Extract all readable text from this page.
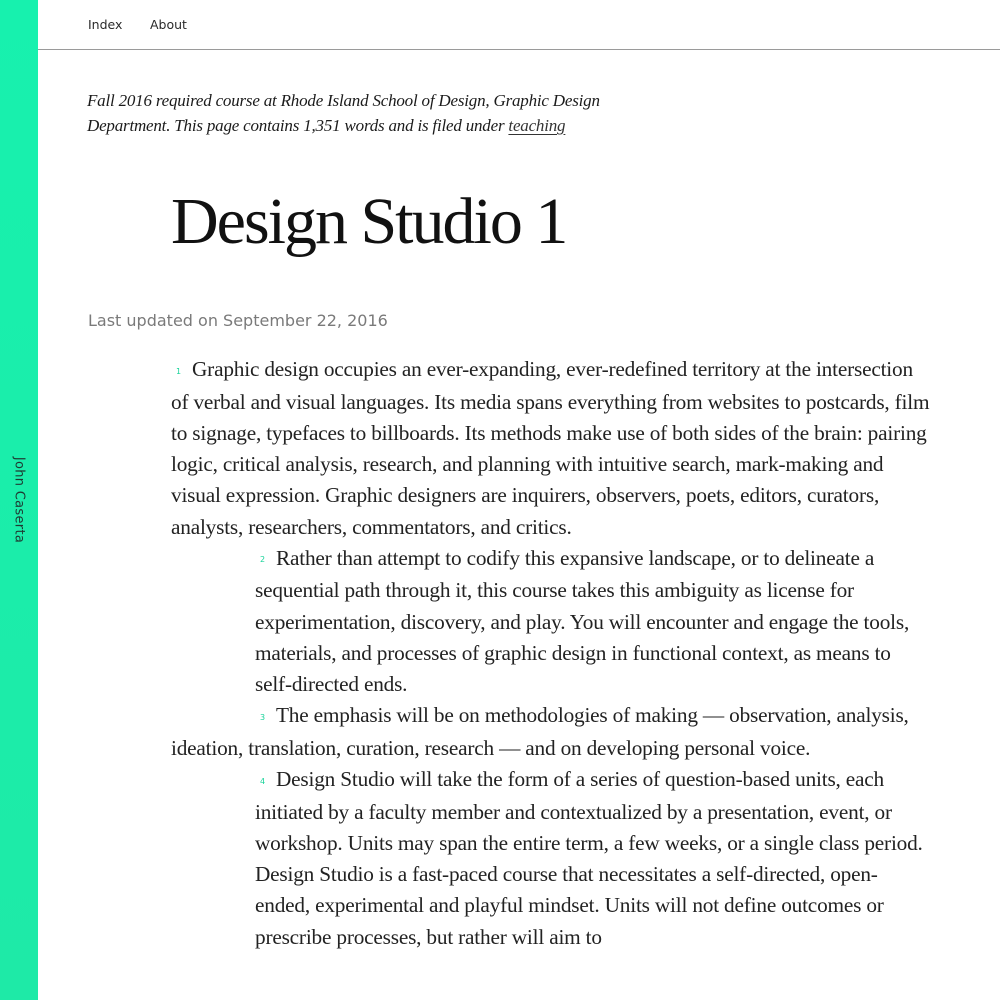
John Caserta
Index About
Fall 2016 required course at Rhode Island School of Design, Graphic Design Department. This page contains 1,351 words and is filed under teaching
Design Studio 1
Last updated on September 22, 2016

1 Graphic design occupies an ever-expanding, ever-redefined territory at the intersection of verbal and visual languages. Its media spans everything from websites to postcards, film to signage, typefaces to billboards. Its methods make use of both sides of the brain: pairing logic, critical analysis, research, and planning with intuitive search, mark-making and visual expression. Graphic designers are inquirers, observers, poets, editors, curators, analysts, researchers, commentators, and critics.

2 Rather than attempt to codify this expansive landscape, or to delineate a sequential path through it, this course takes this ambiguity as license for experimentation, discovery, and play. You will encounter and engage the tools, materials, and processes of graphic design in functional context, as means to self-directed ends.

3 The emphasis will be on methodologies of making — observation, analysis, ideation, translation, curation, research — and on developing personal voice.

4 Design Studio will take the form of a series of question-based units, each initiated by a faculty member and contextualized by a presentation, event, or workshop. Units may span the entire term, a few weeks, or a single class period. Design Studio is a fast-paced course that necessitates a self-directed, open-ended, experimental and playful mindset. Units will not define outcomes or prescribe processes, but rather will aim to
